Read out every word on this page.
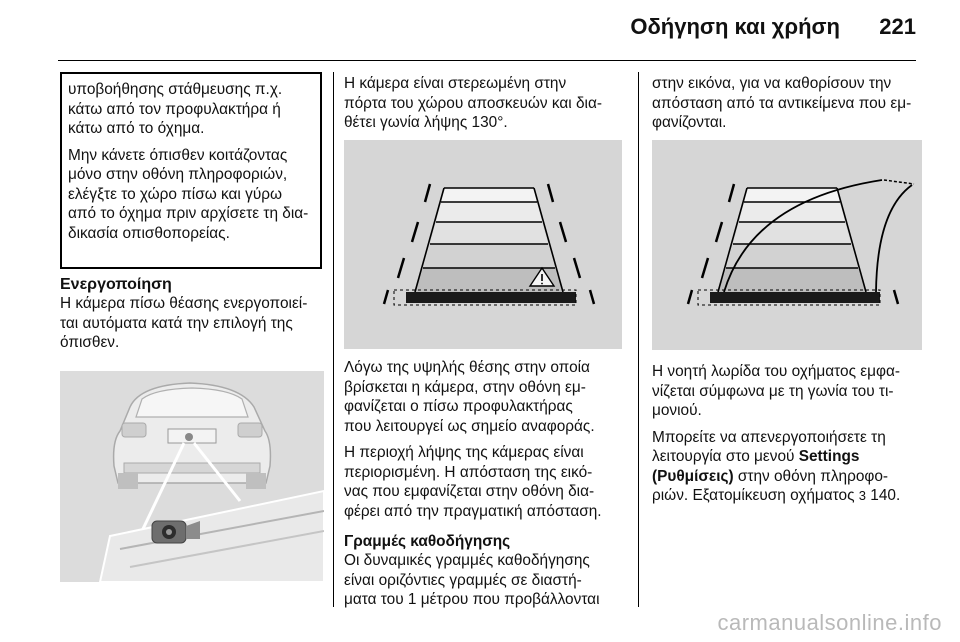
Οδήγηση και χρήση 221

υποβοήθησης στάθμευσης π.χ.

κάτω από τον προφυλακτήρα ή

κάτω από το όχημα.

Μην κάνετε όπισθεν κοιτάζοντας

μόνο στην οθόνη πληροφοριών,

ελέγξτε το χώρο πίσω και γύρω

από το όχημα πριν αρχίσετε τη δια-

δικασία οπισθοπορείας.

Ενεργοποίηση

Η κάμερα πίσω θέασης ενεργοποιεί-

ται αυτόματα κατά την επιλογή της

όπισθεν.

Η κάμερα είναι στερεωμένη στην

πόρτα του χώρου αποσκευών και δια-

θέτει γωνία λήψης 130°.

Λόγω της υψηλής θέσης στην οποία

βρίσκεται η κάμερα, στην οθόνη εμ-

φανίζεται ο πίσω προφυλακτήρας

που λειτουργεί ως σημείο αναφοράς.

Η περιοχή λήψης της κάμερας είναι

περιορισμένη. Η απόσταση της εικό-

νας που εμφανίζεται στην οθόνη δια-

φέρει από την πραγματική απόσταση.

Γραμμές καθοδήγησης

Οι δυναμικές γραμμές καθοδήγησης

είναι οριζόντιες γραμμές σε διαστή-

ματα του 1 μέτρου που προβάλλονται

στην εικόνα, για να καθορίσουν την

απόσταση από τα αντικείμενα που εμ-

φανίζονται.

Η νοητή λωρίδα του οχήματος εμφα-

νίζεται σύμφωνα με τη γωνία του τι-

μονιού.

Μπορείτε να απενεργοποιήσετε τη

λειτουργία στο μενού Settings

(Ρυθμίσεις) στην οθόνη πληροφο-

ριών. Εξατομίκευση οχήματος 3 140.

carmanualsonline.info
